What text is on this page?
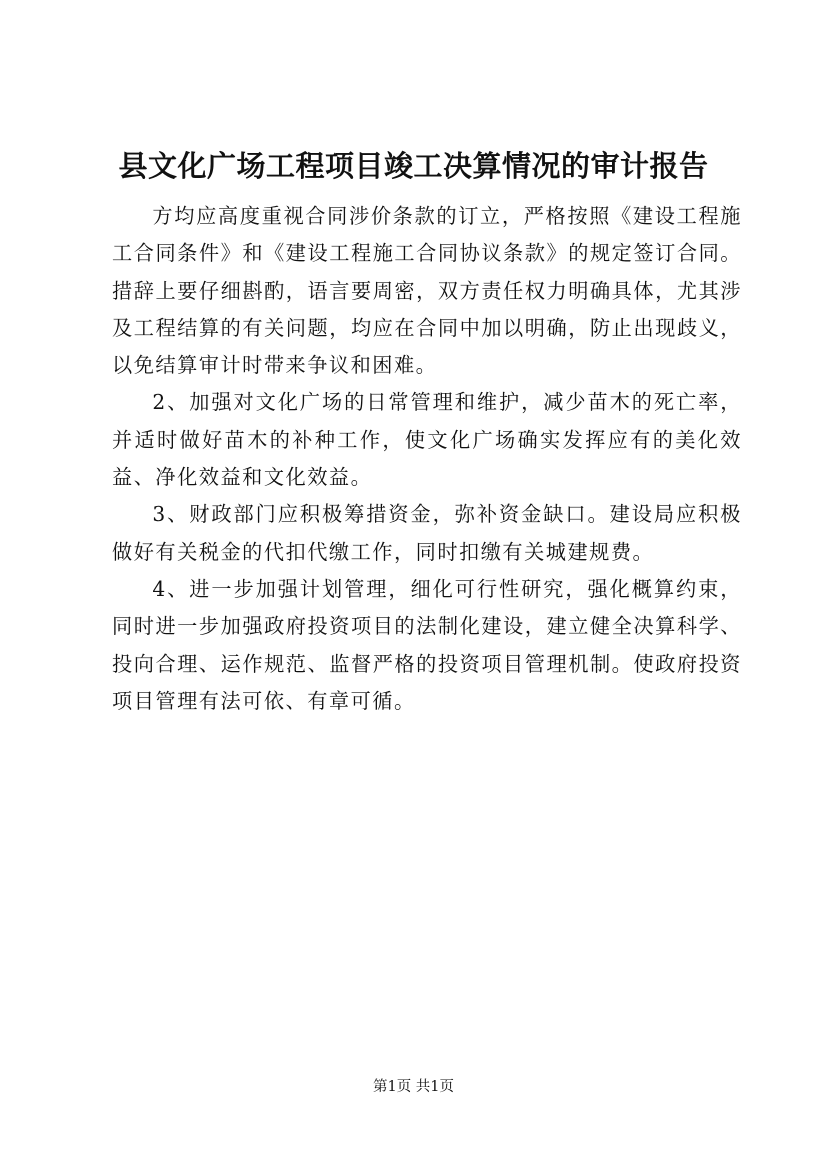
县文化广场工程项目竣工决算情况的审计报告

方均应高度重视合同涉价条款的订立，严格按照《建设工程施工合同条件》和《建设工程施工合同协议条款》的规定签订合同。措辞上要仔细斟酌，语言要周密，双方责任权力明确具体，尤其涉及工程结算的有关问题，均应在合同中加以明确，防止出现歧义，以免结算审计时带来争议和困难。

2、加强对文化广场的日常管理和维护，减少苗木的死亡率，并适时做好苗木的补种工作，使文化广场确实发挥应有的美化效益、净化效益和文化效益。

3、财政部门应积极筹措资金，弥补资金缺口。建设局应积极做好有关税金的代扣代缴工作，同时扣缴有关城建规费。

4、进一步加强计划管理，细化可行性研究，强化概算约束，同时进一步加强政府投资项目的法制化建设，建立健全决算科学、投向合理、运作规范、监督严格的投资项目管理机制。使政府投资项目管理有法可依、有章可循。

第1页 共1页
